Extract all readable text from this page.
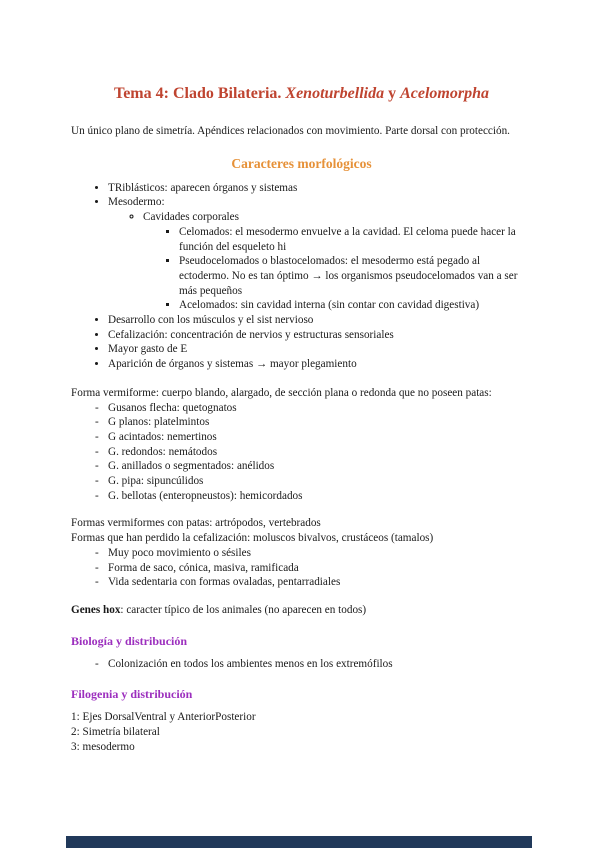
Tema 4: Clado Bilateria. Xenoturbellida y Acelomorpha

Un único plano de simetría. Apéndices relacionados con movimiento. Parte dorsal con protección.

Caracteres morfológicos
• TRiblásticos: aparecen órganos y sistemas
• Mesodermo:
◦ Cavidades corporales
▪ Celomados: el mesodermo envuelve a la cavidad. El celoma puede hacer la función del esqueleto hi
▪ Pseudocelomados o blastocelomados: el mesodermo está pegado al ectodermo. No es tan óptimo → los organismos pseudocelomados van a ser más pequeños
▪ Acelomados: sin cavidad interna (sin contar con cavidad digestiva)
• Desarrollo con los músculos y el sist nervioso
• Cefalización: concentración de nervios y estructuras sensoriales
• Mayor gasto de E
• Aparición de órganos y sistemas → mayor plegamiento

Forma vermiforme: cuerpo blando, alargado, de sección plana o redonda que no poseen patas:

- Gusanos flecha: quetognatos
- G planos: platelmintos
- G acintados: nemertinos
- G. redondos: nemátodos
- G. anillados o segmentados: anélidos
- G. pipa: sipuncúlidos
- G. bellotas (enteropneustos): hemicordados

Formas vermiformes con patas: artrópodos, vertebrados

Formas que han perdido la cefalización: moluscos bivalvos, crustáceos (tamalos)

- Muy poco movimiento o sésiles
- Forma de saco, cónica, masiva, ramificada
- Vida sedentaria con formas ovaladas, pentarradiales

Genes hox: caracter típico de los animales (no aparecen en todos)

Biología y distribución
- Colonización en todos los ambientes menos en los extremófilos
Filogenia y distribución

1: Ejes DorsalVentral y AnteriorPosterior

2: Simetría bilateral

3: mesodermo
